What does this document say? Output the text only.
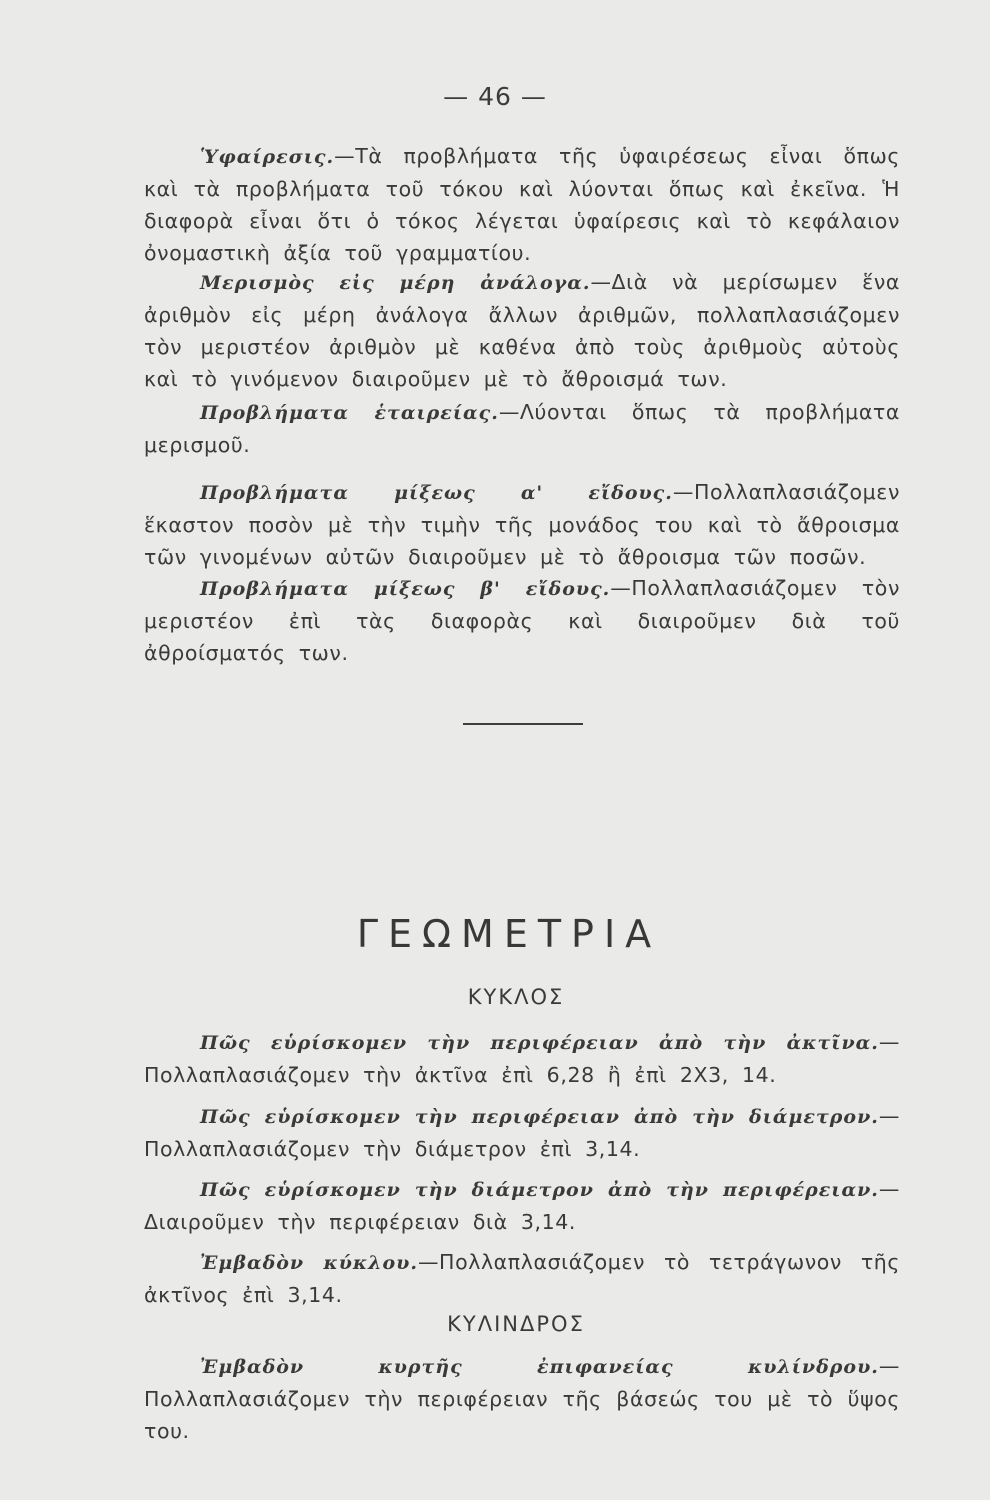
— 46 —

Ὑφαίρεσις.—Τὰ προβλήματα τῆς ὑφαιρέσεως εἶναι ὅπως καὶ τὰ προβλήματα τοῦ τόκου καὶ λύονται ὅπως καὶ ἐκεῖνα. Ἡ διαφορὰ εἶναι ὅτι ὁ τόκος λέγεται ὑφαίρεσις καὶ τὸ κεφάλαιον ὀνομαστικὴ ἀξία τοῦ γραμματίου.

Μερισμὸς εἰς μέρη ἀνάλογα.—Διὰ νὰ μερίσωμεν ἕνα ἀριθμὸν εἰς μέρη ἀνάλογα ἄλλων ἀριθμῶν, πολλαπλασιάζομεν τὸν μεριστέον ἀριθμὸν μὲ καθένα ἀπὸ τοὺς ἀριθμοὺς αὐτοὺς καὶ τὸ γινόμενον διαιροῦμεν μὲ τὸ ἄθροισμά των.

Προβλήματα ἑταιρείας.—Λύονται ὅπως τὰ προβλήματα μερισμοῦ.

Προβλήματα μίξεως α' εἴδους.—Πολλαπλασιάζομεν ἕκαστον ποσὸν μὲ τὴν τιμὴν τῆς μονάδος του καὶ τὸ ἄθροισμα τῶν γινομένων αὐτῶν διαιροῦμεν μὲ τὸ ἄθροισμα τῶν ποσῶν.

Προβλήματα μίξεως β' εἴδους.—Πολλαπλασιάζομεν τὸν μεριστέον ἐπὶ τὰς διαφορὰς καὶ διαιροῦμεν διὰ τοῦ ἀθροίσματός των.

ΓΕΩΜΕΤΡΙΑ
ΚΥΚΛΟΣ

Πῶς εὑρίσκομεν τὴν περιφέρειαν ἀπὸ τὴν ἀκτῖνα.—Πολλαπλασιάζομεν τὴν ἀκτῖνα ἐπὶ 6,28 ἢ ἐπὶ 2Χ3, 14.

Πῶς εὑρίσκομεν τὴν περιφέρειαν ἀπὸ τὴν διάμετρον.—Πολλαπλασιάζομεν τὴν διάμετρον ἐπὶ 3,14.

Πῶς εὑρίσκομεν τὴν διάμετρον ἀπὸ τὴν περιφέρειαν.—Διαιροῦμεν τὴν περιφέρειαν διὰ 3,14.

Ἐμβαδὸν κύκλου.—Πολλαπλασιάζομεν τὸ τετράγωνον τῆς ἀκτῖνος ἐπὶ 3,14.

ΚΥΛΙΝΔΡΟΣ

Ἐμβαδὸν κυρτῆς ἐπιφανείας κυλίνδρου.—Πολλαπλασιάζομεν τὴν περιφέρειαν τῆς βάσεώς του μὲ τὸ ὕψος του.
